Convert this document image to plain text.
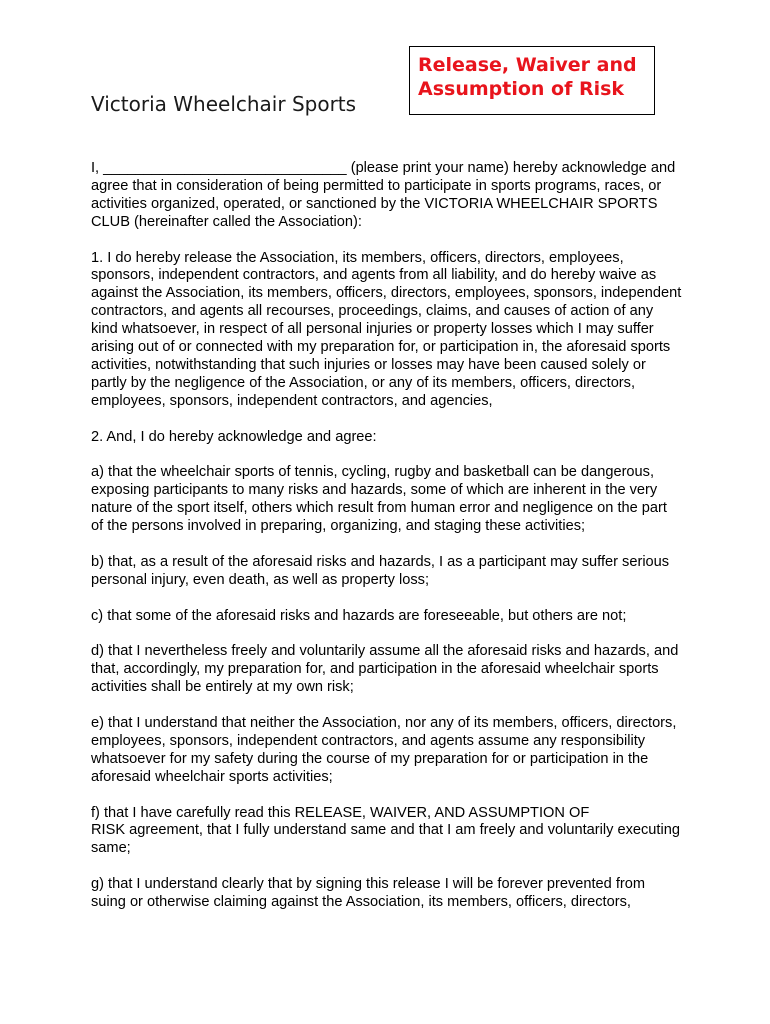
Victoria Wheelchair Sports

Release, Waiver and Assumption of Risk

I, ______________________________ (please print your name) hereby acknowledge and agree that in consideration of being permitted to participate in sports programs, races, or activities organized, operated, or sanctioned by the VICTORIA WHEELCHAIR SPORTS CLUB (hereinafter called the Association):

1. I do hereby release the Association, its members, officers, directors, employees, sponsors, independent contractors, and agents from all liability, and do hereby waive as against the Association, its members, officers, directors, employees, sponsors, independent contractors, and agents all recourses, proceedings, claims, and causes of action of any kind whatsoever, in respect of all personal injuries or property losses which I may suffer arising out of or connected with my preparation for, or participation in, the aforesaid sports activities, notwithstanding that such injuries or losses may have been caused solely or partly by the negligence of the Association, or any of its members, officers, directors, employees, sponsors, independent contractors, and agencies,

2. And, I do hereby acknowledge and agree:

a) that the wheelchair sports of tennis, cycling, rugby and basketball can be dangerous, exposing participants to many risks and hazards, some of which are inherent in the very nature of the sport itself, others which result from human error and negligence on the part of the persons involved in preparing, organizing, and staging these activities;

b) that, as a result of the aforesaid risks and hazards, I as a participant may suffer serious personal injury, even death, as well as property loss;

c) that some of the aforesaid risks and hazards are foreseeable, but others are not;

d) that I nevertheless freely and voluntarily assume all the aforesaid risks and hazards, and that, accordingly, my preparation for, and participation in the aforesaid wheelchair sports activities shall be entirely at my own risk;

e) that I understand that neither the Association, nor any of its members, officers, directors, employees, sponsors, independent contractors, and agents assume any responsibility whatsoever for my safety during the course of my preparation for or participation in the aforesaid wheelchair sports activities;

f) that I have carefully read this RELEASE, WAIVER, AND ASSUMPTION OF
RISK agreement, that I fully understand same and that I am freely and voluntarily executing same;

g) that I understand clearly that by signing this release I will be forever prevented from suing or otherwise claiming against the Association, its members, officers, directors,
